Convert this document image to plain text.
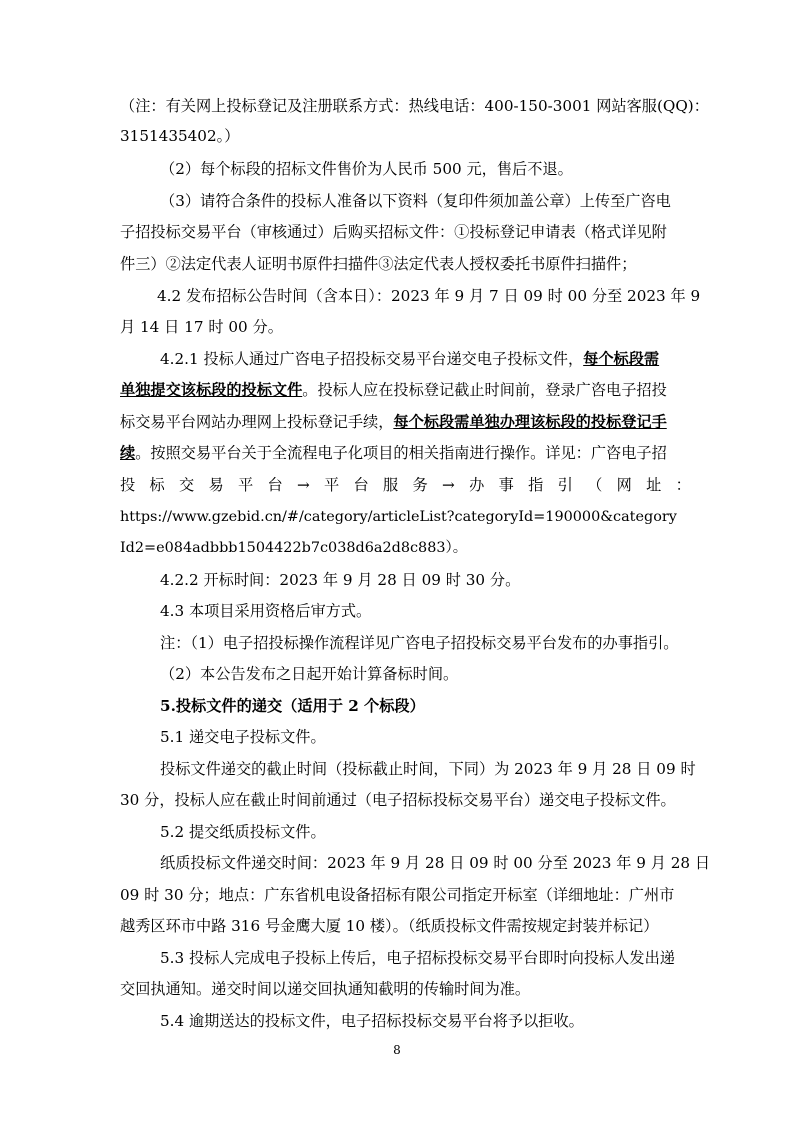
（注：有关网上投标登记及注册联系方式：热线电话：400-150-3001 网站客服(QQ)：
3151435402。）
（2）每个标段的招标文件售价为人民币 500 元，售后不退。
（3）请符合条件的投标人准备以下资料（复印件须加盖公章）上传至广咨电
子招投标交易平台（审核通过）后购买招标文件：①投标登记申请表（格式详见附
件三）②法定代表人证明书原件扫描件③法定代表人授权委托书原件扫描件；
4.2 发布招标公告时间（含本日）：2023 年 9 月 7 日 09 时 00 分至 2023 年 9
月 14 日 17 时 00 分。
4.2.1 投标人通过广咨电子招投标交易平台递交电子投标文件，每个标段需
单独提交该标段的投标文件。投标人应在投标登记截止时间前，登录广咨电子招投
标交易平台网站办理网上投标登记手续，每个标段需单独办理该标段的投标登记手
续。按照交易平台关于全流程电子化项目的相关指南进行操作。详见：广咨电子招
投 标 交 易 平 台 → 平 台 服 务 → 办 事 指 引 （ 网 址 ：
https://www.gzebid.cn/#/category/articleList?categoryId=190000&category
Id2=e084adbbb1504422b7c038d6a2d8c883）。
4.2.2 开标时间：2023 年 9 月 28 日 09 时 30 分。
4.3 本项目采用资格后审方式。
注：（1）电子招投标操作流程详见广咨电子招投标交易平台发布的办事指引。
（2）本公告发布之日起开始计算备标时间。
5.投标文件的递交（适用于 2 个标段）
5.1 递交电子投标文件。
投标文件递交的截止时间（投标截止时间，下同）为 2023 年 9 月 28 日 09 时
30 分，投标人应在截止时间前通过（电子招标投标交易平台）递交电子投标文件。
5.2 提交纸质投标文件。
纸质投标文件递交时间：2023 年 9 月 28 日 09 时 00 分至 2023 年 9 月 28 日
09 时 30 分；地点：广东省机电设备招标有限公司指定开标室（详细地址：广州市
越秀区环市中路 316 号金鹰大厦 10 楼）。（纸质投标文件需按规定封装并标记）
5.3 投标人完成电子投标上传后，电子招标投标交易平台即时向投标人发出递
交回执通知。递交时间以递交回执通知截明的传输时间为准。
5.4 逾期送达的投标文件，电子招标投标交易平台将予以拒收。
8
